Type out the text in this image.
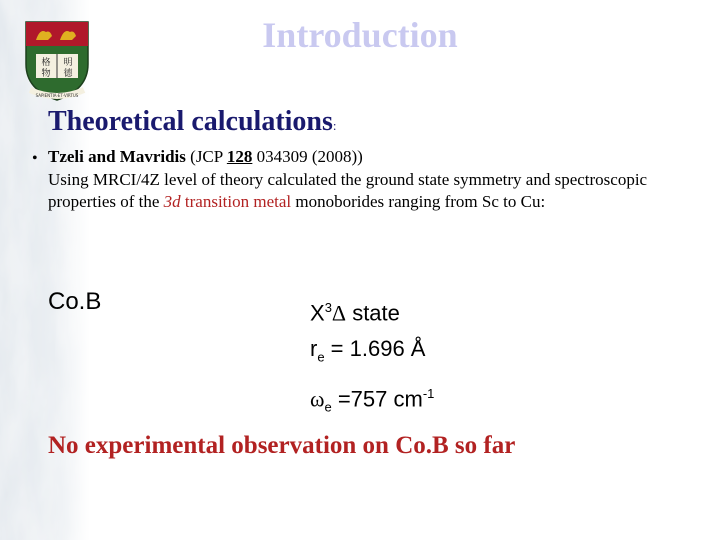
格 明
物 德
SAPIENTIA·ET·VIRTUS
Introduction
Theoretical calculations:
• Tzeli and Mavridis (JCP 128 034309 (2008))
Using MRCI/4Z level of theory calculated the ground state symmetry and spectroscopic properties of the 3d transition metal monoborides ranging from Sc to Cu:
Co.B	$X^3\Delta$ state
$r_e = 1.696$ Å
$\omega_e =757$ $cm^{-1}$
No experimental observation on Co.B so far
